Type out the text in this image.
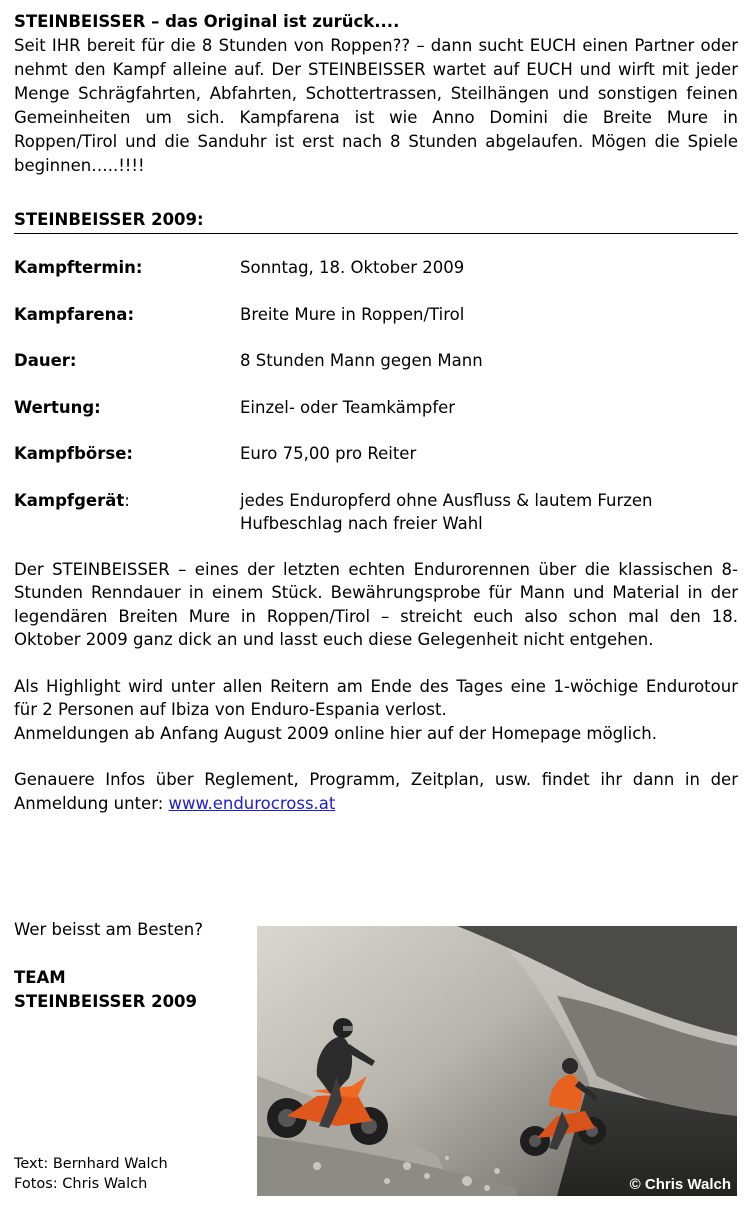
STEINBEISSER – das Original ist zurück....

Seit IHR bereit für die 8 Stunden von Roppen?? – dann sucht EUCH einen Partner oder nehmt den Kampf alleine auf. Der STEINBEISSER wartet auf EUCH und wirft mit jeder Menge Schrägfahrten, Abfahrten, Schottertrassen, Steilhängen und sonstigen feinen Gemeinheiten um sich. Kampfarena ist wie Anno Domini die Breite Mure in Roppen/Tirol und die Sanduhr ist erst nach 8 Stunden abgelaufen. Mögen die Spiele beginnen…..!!!!

STEINBEISSER 2009:
Kampftermin:	Sonntag, 18. Oktober 2009
Kampfarena:	Breite Mure in Roppen/Tirol
Dauer:	8 Stunden Mann gegen Mann
Wertung:	Einzel- oder Teamkämpfer
Kampfbörse:	Euro 75,00 pro Reiter
Kampfgerät:	jedes Enduropferd ohne Ausfluss & lautem Furzen
Hufbeschlag nach freier Wahl

Der STEINBEISSER – eines der letzten echten Endurorennen über die klassischen 8-Stunden Renndauer in einem Stück. Bewährungsprobe für Mann und Material in der legendären Breiten Mure in Roppen/Tirol – streicht euch also schon mal den 18. Oktober 2009 ganz dick an und lasst euch diese Gelegenheit nicht entgehen.

Als Highlight wird unter allen Reitern am Ende des Tages eine 1-wöchige Endurotour für 2 Personen auf Ibiza von Enduro-Espania verlost.

Anmeldungen ab Anfang August 2009 online hier auf der Homepage möglich.

Genauere Infos über Reglement, Programm, Zeitplan, usw. findet ihr dann in der Anmeldung unter: www.endurocross.at

Wer beisst am Besten?

TEAM
STEINBEISSER 2009
Text: Bernhard Walch
Fotos: Chris Walch	© Chris Walch
